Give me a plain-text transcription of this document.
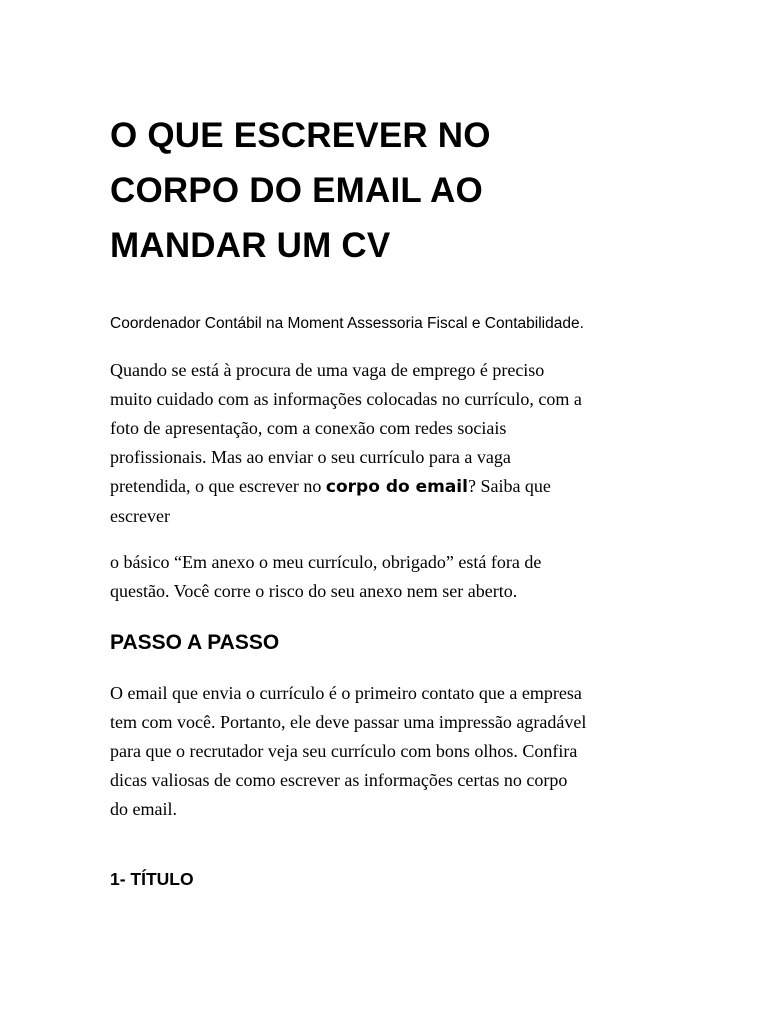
O QUE ESCREVER NO
CORPO DO EMAIL AO
MANDAR UM CV

Coordenador Contábil na Moment Assessoria Fiscal e Contabilidade.

Quando se está à procura de uma vaga de emprego é preciso
muito cuidado com as informações colocadas no currículo, com a
foto de apresentação, com a conexão com redes sociais
profissionais. Mas ao enviar o seu currículo para a vaga
pretendida, o que escrever no corpo do email? Saiba que
escrever

o básico “Em anexo o meu currículo, obrigado” está fora de
questão. Você corre o risco do seu anexo nem ser aberto.

PASSO A PASSO

O email que envia o currículo é o primeiro contato que a empresa
tem com você. Portanto, ele deve passar uma impressão agradável
para que o recrutador veja seu currículo com bons olhos. Confira
dicas valiosas de como escrever as informações certas no corpo
do email.

1- TÍTULO
